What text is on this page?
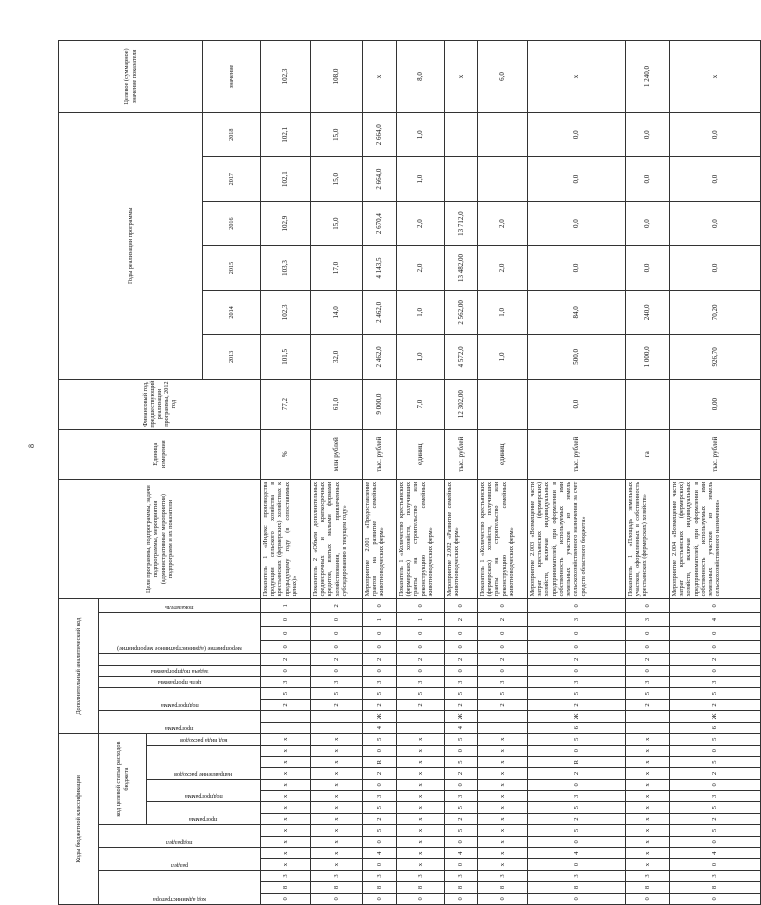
8
Коды бюджетной классификации															Дополнительный аналитический код											Цели программы, подпрограммы, задачи подпрограммы, мероприятия (административные мероприятия) подпрограмм и их показатели	Единица измерения	Финансовый год, предшествующий реализации программы, 2012 год	Годы реализации программы						Целевое (суммарное) значение показателя

код администратора			раздел		подраздел		код целевой статьи расходов бюджета								программа		подпрограмма		цель программы	задача подпрограммы		мероприятие (административное мероприятие)			показатель										

							программа		подпрограмма		направление расходов			код вида расходов																					

																													2013	2014	2015	2016	2017	2018	значение
0	8	3	х	х	х	х	х	х	х	х	х	х	х	х			2	5	3	0	2	0	0	0	1	Показатель 1 «Индекс производства продукции сельского хозяйства в крестьянских (фермерских) хозяйствах к предыдущему году (в сопоставимых ценах)»	%	77,2	101,5	102,3	103,3	102,9	102,1	102,1	102,3
0	8	3	х	х	х	х	х	х	х	х	х	х	х	х			2	5	3	0	2	0	0	0	2	Показатель 2 «Объем дополнительных среднесрочных и краткосрочных кредитов, взятых малыми формами хозяйствования, привлеченных субсидированию в текущем году»	млн рублей	61,0	32,0	14,0	17,0	15,0	15,0	15,0	108,0
0	8	3	0	4	0	5	2	5	3	0	2	R	0	5	4	Ж	2	5	3	0	2	0	0	1	0	Мероприятие 2.001 «Предоставление грантов на развитие семейных животноводческих ферм»	тыс. рублей	9 000,0	2 462,0	2 462,0	4 143,5	2 670,4	2 664,0	2 664,0	х
0	8	3	х	х	х	х	х	х	х	х	х	х	х	х			2	5	3	0	2	0	0	1	0	Показатель 1 «Количество крестьянских (фермерских) хозяйств, получивших гранты на строительство или реконструкцию семейных животноводческих ферм»	единиц	7,0	1,0	1,0	2,0	2,0	1,0	1,0	8,0
0	8	3	0	4	0	5	2	5	3	0	2	5	0	5	4	Ж	2	5	3	0	2	0	0	2	0	Мероприятие 2.002 «Развитие семейных животноводческих ферм»	тыс. рублей	12 302,00	4 572,0	2 562,00	13 482,00	13 712,0			х
0	8	3	х	х	х	х	х	х	х	х	х	х	х	х			2	5	3	0	2	0	0	2	0	Показатель 1 «Количество крестьянских (фермерских) хозяйств, получивших гранты на строительство или реконструкцию семейных животноводческих ферм»	единиц		1,0	1,0	2,0	2,0			6,0
0	8	3	0	4	0	5	2	5	3	0	2	R	0	5	6	Ж	2	5	3	0	2	0	0	3	0	Мероприятие 2.003 «Возмещение части затрат крестьянских (фермерских) хозяйств, включая индивидуальных предпринимателей, при оформлении в собственность используемых ими земельных участков из земель сельскохозяйственного назначения за счет средств областного бюджета»	тыс. рублей	0,0	500,0	84,0	0,0	0,0	0,0	0,0	х
0	8	3	х	х	х	х	х	х	х	х	х	х	х	х			2	5	3	0	2	0	0	3	0	Показатель 1 «Площадь земельных участков, оформленных в собственность крестьянских (фермерских) хозяйств»	га		1 000,0	240,0	0,0	0,0	0,0	0,0	1 240,0
0	8	3	0	4	0	5	2	5	3	0	2	5	0	5	6	Ж	2	5	3	0	2	0	0	4	0	Мероприятие 2.004 «Возмещение части затрат крестьянских (фермерских) хозяйств, включая индивидуальных предпринимателей, при оформлении в собственность используемых ими земельных участков из земель сельскохозяйственного назначения»	тыс. рублей	0,00	926,70	70,20	0,0	0,0	0,0	0,0	х
